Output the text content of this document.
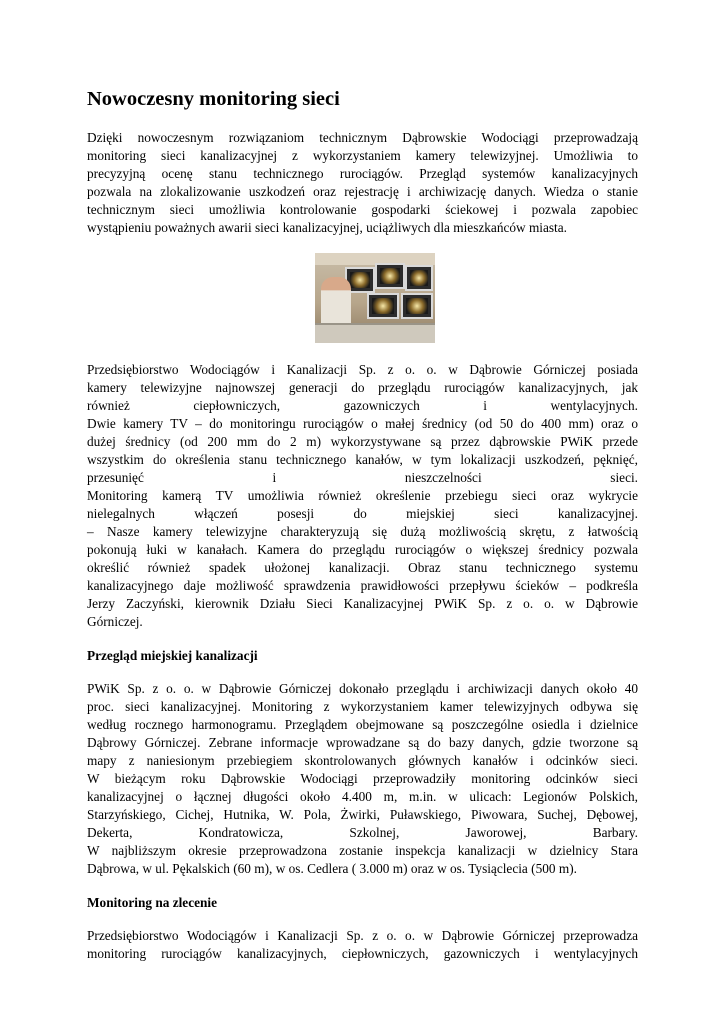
Nowoczesny monitoring sieci

Dzięki nowoczesnym rozwiązaniom technicznym Dąbrowskie Wodociągi przeprowadzają
monitoring sieci kanalizacyjnej z wykorzystaniem kamery telewizyjnej. Umożliwia to
precyzyjną ocenę stanu technicznego rurociągów. Przegląd systemów kanalizacyjnych
pozwala na zlokalizowanie uszkodzeń oraz rejestrację i archiwizację danych. Wiedza o stanie
technicznym sieci umożliwia kontrolowanie gospodarki ściekowej i pozwala zapobiec
wystąpieniu poważnych awarii sieci kanalizacyjnej, uciążliwych dla mieszkańców miasta.

Przedsiębiorstwo Wodociągów i Kanalizacji Sp. z o. o. w Dąbrowie Górniczej posiada
kamery telewizyjne najnowszej generacji do przeglądu rurociągów kanalizacyjnych, jak
również ciepłowniczych, gazowniczych i wentylacyjnych.
Dwie kamery TV – do monitoringu rurociągów o małej średnicy (od 50 do 400 mm) oraz o
dużej średnicy (od 200 mm do 2 m) wykorzystywane są przez dąbrowskie PWiK przede
wszystkim do określenia stanu technicznego kanałów, w tym lokalizacji uszkodzeń, pęknięć,
przesunięć i nieszczelności sieci.
Monitoring kamerą TV umożliwia również określenie przebiegu sieci oraz wykrycie
nielegalnych włączeń posesji do miejskiej sieci kanalizacyjnej.
– Nasze kamery telewizyjne charakteryzują się dużą możliwością skrętu, z łatwością
pokonują łuki w kanałach. Kamera do przeglądu rurociągów o większej średnicy pozwala
określić również spadek ułożonej kanalizacji. Obraz stanu technicznego systemu
kanalizacyjnego daje możliwość sprawdzenia prawidłowości przepływu ścieków – podkreśla
Jerzy Zaczyński, kierownik Działu Sieci Kanalizacyjnej PWiK Sp. z o. o. w Dąbrowie
Górniczej.

Przegląd miejskiej kanalizacji

PWiK Sp. z o. o. w Dąbrowie Górniczej dokonało przeglądu i archiwizacji danych około 40
proc. sieci kanalizacyjnej. Monitoring z wykorzystaniem kamer telewizyjnych odbywa się
według rocznego harmonogramu. Przeglądem obejmowane są poszczególne osiedla i dzielnice
Dąbrowy Górniczej. Zebrane informacje wprowadzane są do bazy danych, gdzie tworzone są
mapy z naniesionym przebiegiem skontrolowanych głównych kanałów i odcinków sieci.
W bieżącym roku Dąbrowskie Wodociągi przeprowadziły monitoring odcinków sieci
kanalizacyjnej o łącznej długości około 4.400 m, m.in. w ulicach: Legionów Polskich,
Starzyńskiego, Cichej, Hutnika, W. Pola, Żwirki, Puławskiego, Piwowara, Suchej, Dębowej,
Dekerta, Kondratowicza, Szkolnej, Jaworowej, Barbary.
W najbliższym okresie przeprowadzona zostanie inspekcja kanalizacji w dzielnicy Stara
Dąbrowa, w ul. Pękalskich (60 m), w os. Cedlera ( 3.000 m) oraz w os. Tysiąclecia (500 m).

Monitoring na zlecenie

Przedsiębiorstwo Wodociągów i Kanalizacji Sp. z o. o. w Dąbrowie Górniczej przeprowadza
monitoring rurociągów kanalizacyjnych, ciepłowniczych, gazowniczych i wentylacyjnych
